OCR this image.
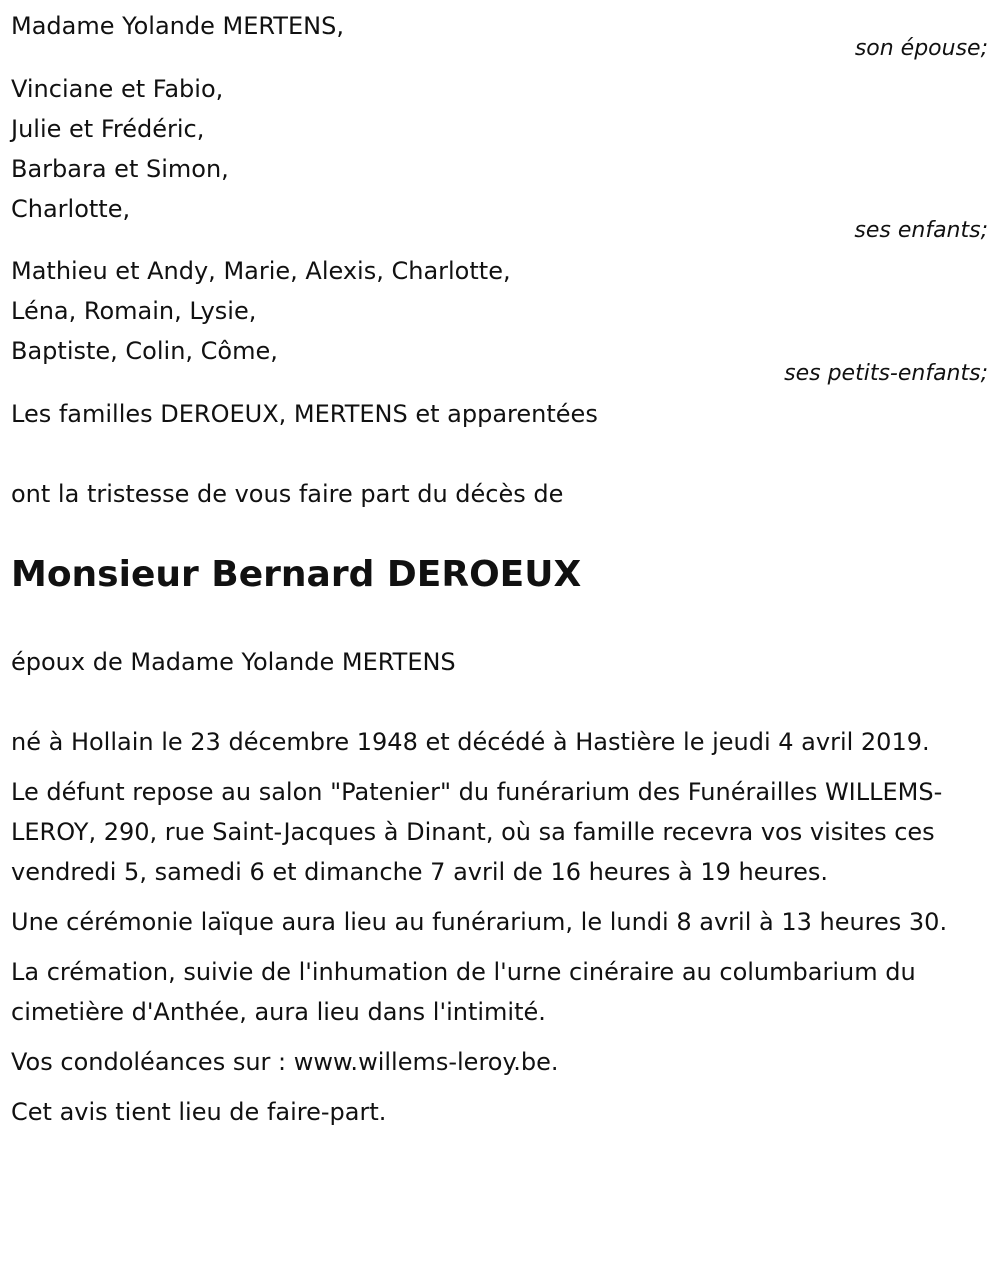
Madame Yolande MERTENS,
son épouse;
Vinciane et Fabio,
Julie et Frédéric,
Barbara et Simon,
Charlotte,
ses enfants;
Mathieu et Andy, Marie, Alexis, Charlotte,
Léna, Romain, Lysie,
Baptiste, Colin, Côme,
ses petits-enfants;
Les familles DEROEUX, MERTENS et apparentées
ont la tristesse de vous faire part du décès de
Monsieur Bernard DEROEUX
époux de Madame Yolande MERTENS

né à Hollain le 23 décembre 1948 et décédé à Hastière le jeudi 4 avril 2019.

Le défunt repose au salon "Patenier" du funérarium des Funérailles WILLEMS-LEROY, 290, rue Saint-Jacques à Dinant, où sa famille recevra vos visites ces vendredi 5, samedi 6 et dimanche 7 avril de 16 heures à 19 heures.

Une cérémonie laïque aura lieu au funérarium, le lundi 8 avril à 13 heures 30.

La crémation, suivie de l'inhumation de l'urne cinéraire au columbarium du cimetière d'Anthée, aura lieu dans l'intimité.

Vos condoléances sur : www.willems-leroy.be.

Cet avis tient lieu de faire-part.
